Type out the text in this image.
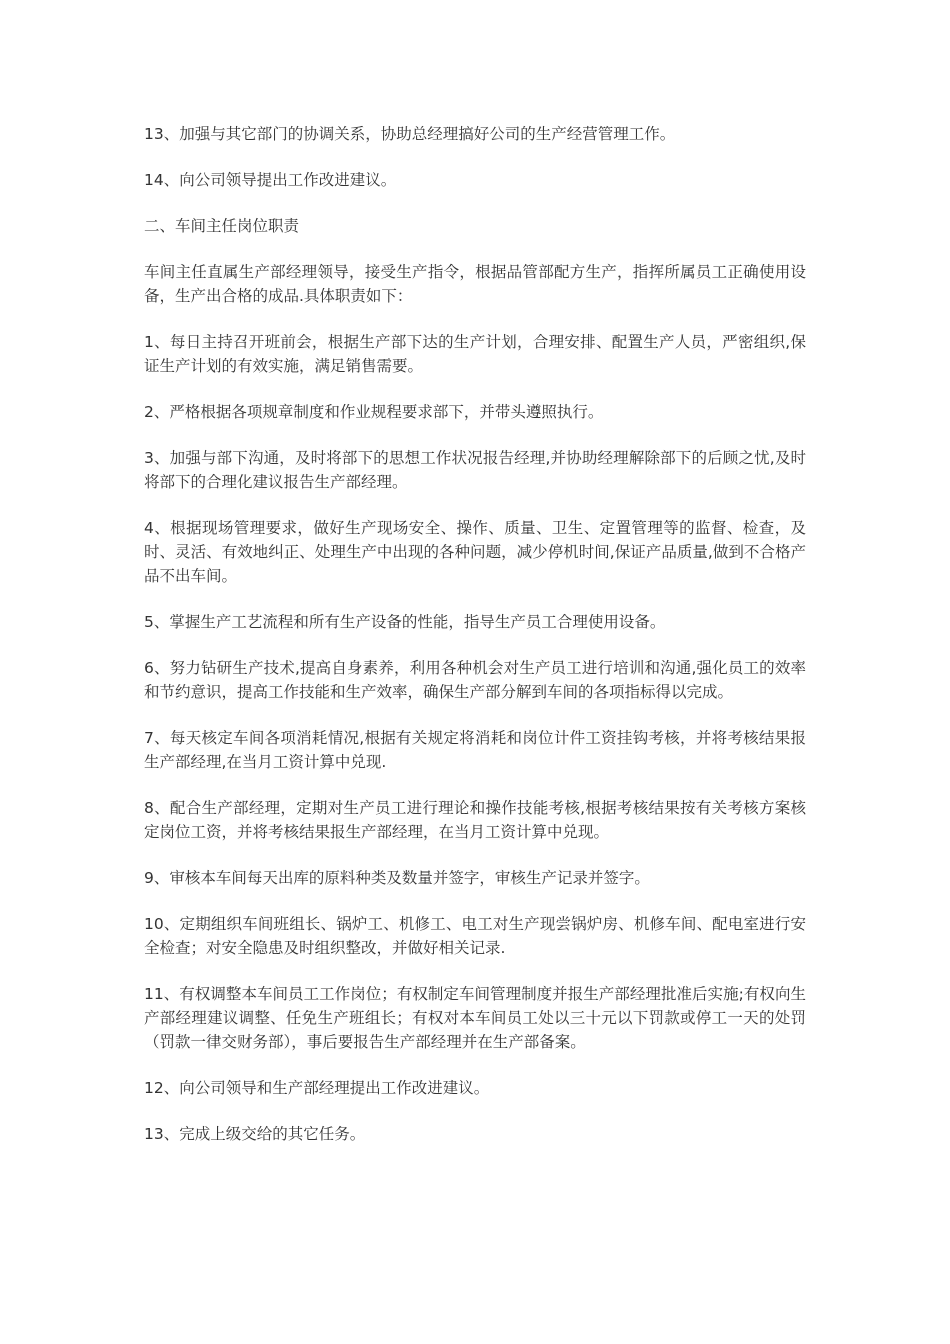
13、加强与其它部门的协调关系，协助总经理搞好公司的生产经营管理工作。

14、向公司领导提出工作改进建议。

二、车间主任岗位职责

车间主任直属生产部经理领导，接受生产指令，根据品管部配方生产，指挥所属员工正确使用设备，生产出合格的成品.具体职责如下：

1、每日主持召开班前会，根据生产部下达的生产计划，合理安排、配置生产人员，严密组织,保证生产计划的有效实施，满足销售需要。

2、严格根据各项规章制度和作业规程要求部下，并带头遵照执行。

3、加强与部下沟通，及时将部下的思想工作状况报告经理,并协助经理解除部下的后顾之忧,及时将部下的合理化建议报告生产部经理。

4、根据现场管理要求，做好生产现场安全、操作、质量、卫生、定置管理等的监督、检查，及时、灵活、有效地纠正、处理生产中出现的各种问题，减少停机时间,保证产品质量,做到不合格产品不出车间。

5、掌握生产工艺流程和所有生产设备的性能，指导生产员工合理使用设备。

6、努力钻研生产技术,提高自身素养，利用各种机会对生产员工进行培训和沟通,强化员工的效率和节约意识，提高工作技能和生产效率，确保生产部分解到车间的各项指标得以完成。

7、每天核定车间各项消耗情况,根据有关规定将消耗和岗位计件工资挂钩考核，并将考核结果报生产部经理,在当月工资计算中兑现.

8、配合生产部经理，定期对生产员工进行理论和操作技能考核,根据考核结果按有关考核方案核定岗位工资，并将考核结果报生产部经理，在当月工资计算中兑现。

9、审核本车间每天出库的原料种类及数量并签字，审核生产记录并签字。

10、定期组织车间班组长、锅炉工、机修工、电工对生产现尝锅炉房、机修车间、配电室进行安全检查；对安全隐患及时组织整改，并做好相关记录.

11、有权调整本车间员工工作岗位；有权制定车间管理制度并报生产部经理批准后实施;有权向生产部经理建议调整、任免生产班组长；有权对本车间员工处以三十元以下罚款或停工一天的处罚（罚款一律交财务部），事后要报告生产部经理并在生产部备案。

12、向公司领导和生产部经理提出工作改进建议。

13、完成上级交给的其它任务。
